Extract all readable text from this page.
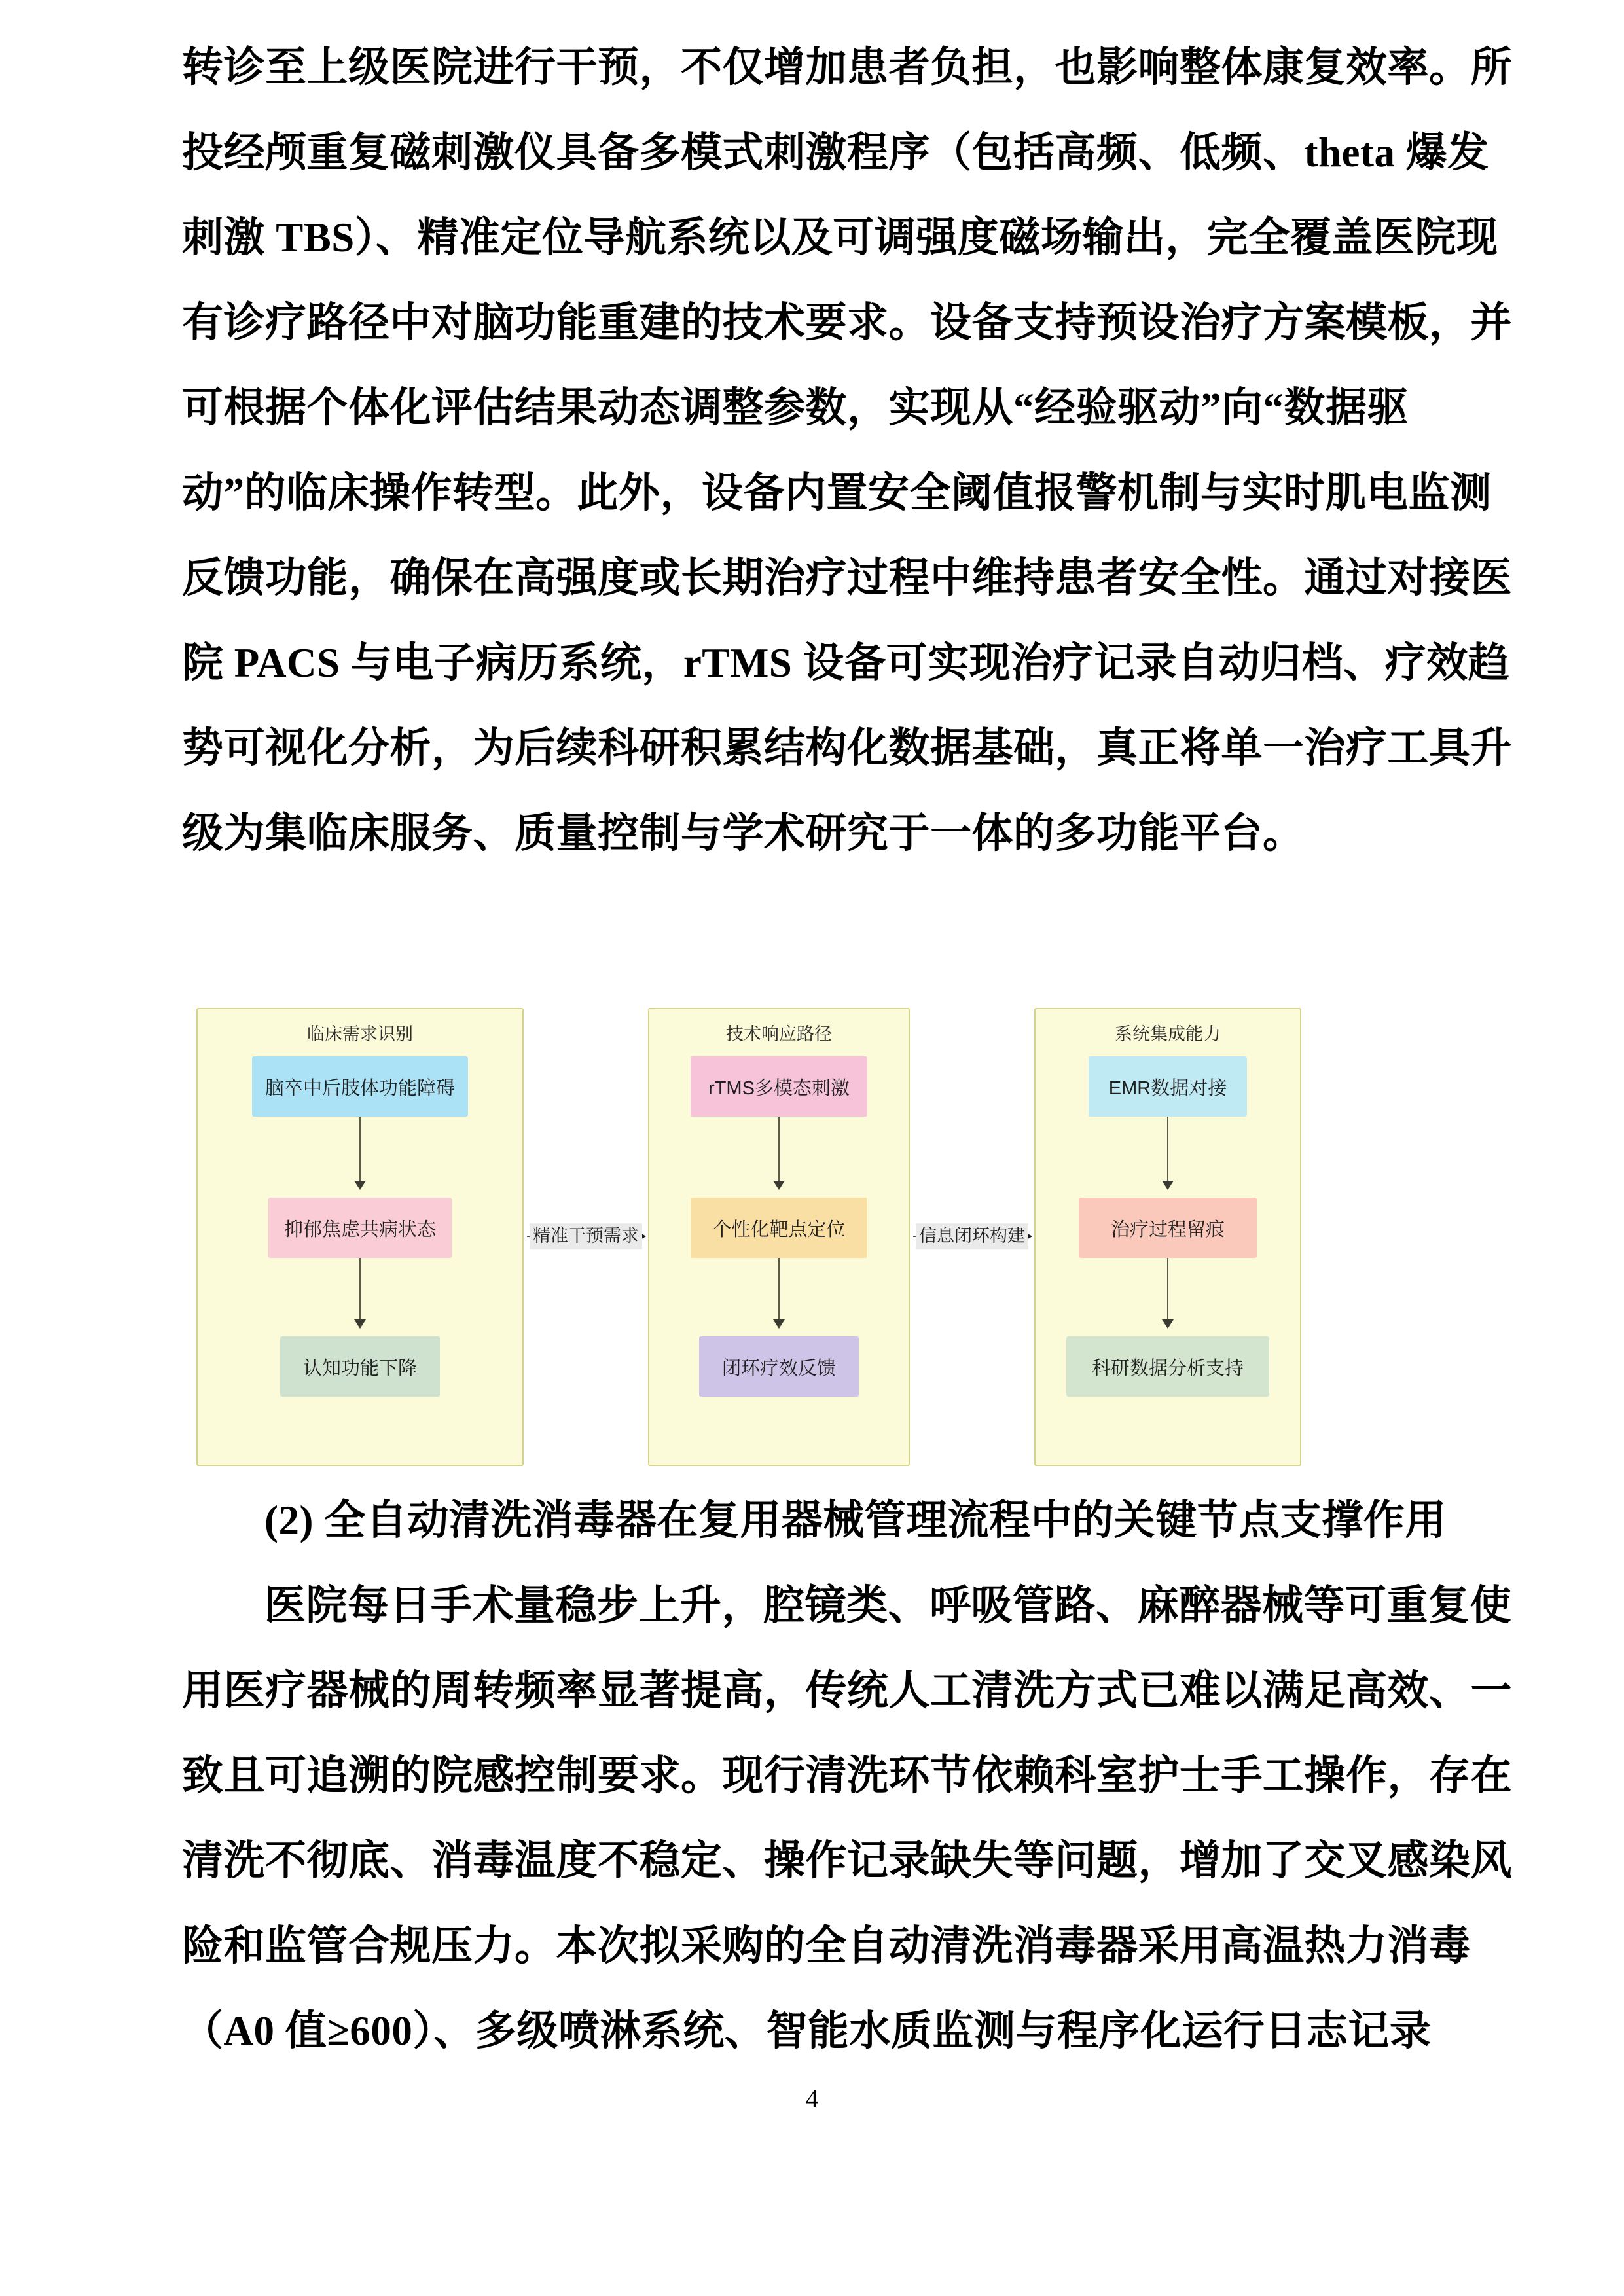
转诊至上级医院进行干预，不仅增加患者负担，也影响整体康复效率。所
投经颅重复磁刺激仪具备多模式刺激程序（包括高频、低频、theta 爆发
刺激 TBS）、精准定位导航系统以及可调强度磁场输出，完全覆盖医院现
有诊疗路径中对脑功能重建的技术要求。设备支持预设治疗方案模板，并
可根据个体化评估结果动态调整参数，实现从“经验驱动”向“数据驱
动”的临床操作转型。此外，设备内置安全阈值报警机制与实时肌电监测
反馈功能，确保在高强度或长期治疗过程中维持患者安全性。通过对接医
院 PACS 与电子病历系统，rTMS 设备可实现治疗记录自动归档、疗效趋
势可视化分析，为后续科研积累结构化数据基础，真正将单一治疗工具升
级为集临床服务、质量控制与学术研究于一体的多功能平台。
临床需求识别
脑卒中后肢体功能障碍
抑郁焦虑共病状态
认知功能下降
精准干预需求
技术响应路径
rTMS多模态刺激
个性化靶点定位
闭环疗效反馈
信息闭环构建
系统集成能力
EMR数据对接
治疗过程留痕
科研数据分析支持
(2) 全自动清洗消毒器在复用器械管理流程中的关键节点支撑作用
医院每日手术量稳步上升，腔镜类、呼吸管路、麻醉器械等可重复使
用医疗器械的周转频率显著提高，传统人工清洗方式已难以满足高效、一
致且可追溯的院感控制要求。现行清洗环节依赖科室护士手工操作，存在
清洗不彻底、消毒温度不稳定、操作记录缺失等问题，增加了交叉感染风
险和监管合规压力。本次拟采购的全自动清洗消毒器采用高温热力消毒
（A0 值≥600）、多级喷淋系统、智能水质监测与程序化运行日志记录
4
